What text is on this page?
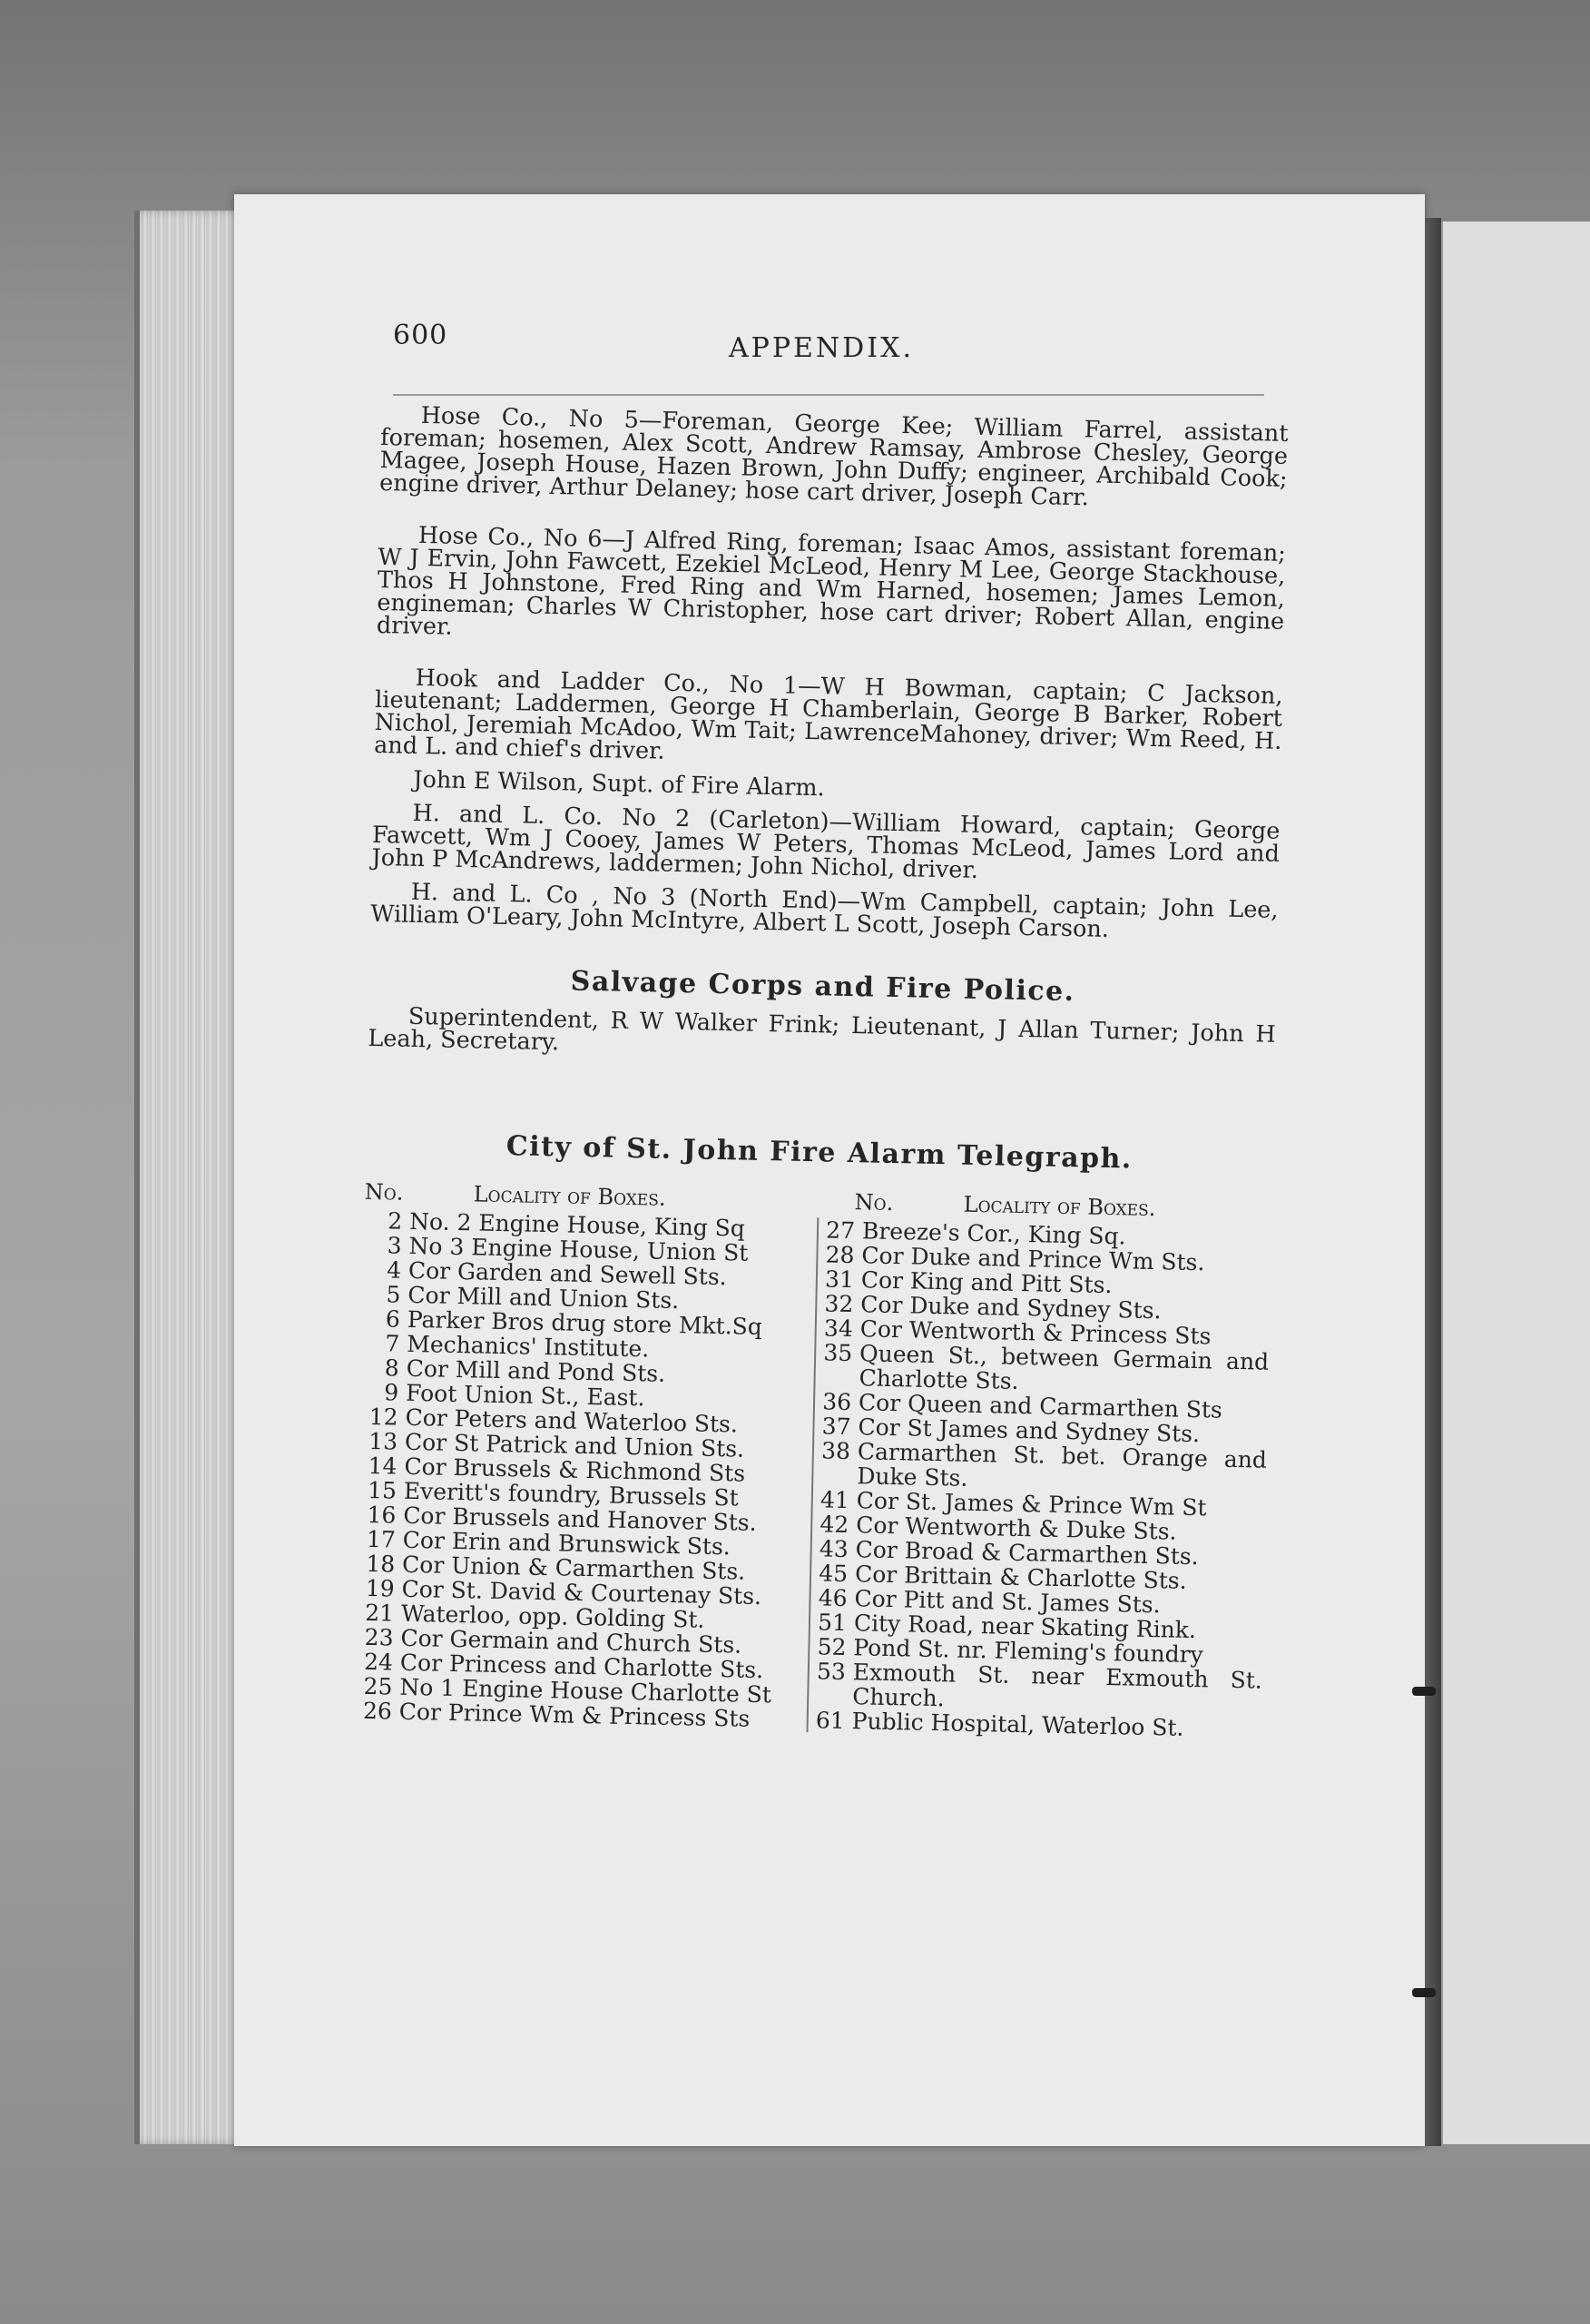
600	APPENDIX.

Hose Co., No 5—Foreman, George Kee; William Farrel, assistant foreman; hosemen, Alex Scott, Andrew Ramsay, Ambrose Chesley, George Magee, Joseph House, Hazen Brown, John Duffy; engineer, Archibald Cook; engine driver, Arthur Delaney; hose cart driver, Joseph Carr.

Hose Co., No 6—J Alfred Ring, foreman; Isaac Amos, assistant foreman; W J Ervin, John Fawcett, Ezekiel McLeod, Henry M Lee, George Stackhouse, Thos H Johnstone, Fred Ring and Wm Harned, hosemen; James Lemon, engineman; Charles W Christopher, hose cart driver; Robert Allan, engine driver.

Hook and Ladder Co., No 1—W H Bowman, captain; C Jackson, lieutenant; Laddermen, George H Chamberlain, George B Barker, Robert Nichol, Jeremiah McAdoo, Wm Tait; LawrenceMahoney, driver; Wm Reed, H. and L. and chief's driver.

John E Wilson, Supt. of Fire Alarm.

H. and L. Co. No 2 (Carleton)—William Howard, captain; George Fawcett, Wm J Cooey, James W Peters, Thomas McLeod, James Lord and John P McAndrews, laddermen; John Nichol, driver.

H. and L. Co , No 3 (North End)—Wm Campbell, captain; John Lee, William O'Leary, John McIntyre, Albert L Scott, Joseph Carson.

Salvage Corps and Fire Police.

Superintendent, R W Walker Frink; Lieutenant, J Allan Turner; John H Leah, Secretary.

City of St. John Fire Alarm Telegraph.
No.	Locality of Boxes.	No.	Locality of Boxes.
2 No. 2 Engine House, King Sq
3 No 3 Engine House, Union St
4 Cor Garden and Sewell Sts.
5 Cor Mill and Union Sts.
6 Parker Bros drug store Mkt.Sq
7 Mechanics' Institute.
8 Cor Mill and Pond Sts.
9 Foot Union St., East.
12 Cor Peters and Waterloo Sts.
13 Cor St Patrick and Union Sts.
14 Cor Brussels & Richmond Sts
15 Everitt's foundry, Brussels St
16 Cor Brussels and Hanover Sts.
17 Cor Erin and Brunswick Sts.
18 Cor Union & Carmarthen Sts.
19 Cor St. David & Courtenay Sts.
21 Waterloo, opp. Golding St.
23 Cor Germain and Church Sts.
24 Cor Princess and Charlotte Sts.
25 No 1 Engine House Charlotte St
26 Cor Prince Wm & Princess Sts
27 Breeze's Cor., King Sq.
28 Cor Duke and Prince Wm Sts.
31 Cor King and Pitt Sts.
32 Cor Duke and Sydney Sts.
34 Cor Wentworth & Princess Sts
35 Queen St., between Germain and Charlotte Sts.
36 Cor Queen and Carmarthen Sts
37 Cor St James and Sydney Sts.
38 Carmarthen St. bet. Orange and Duke Sts.
41 Cor St. James & Prince Wm St
42 Cor Wentworth & Duke Sts.
43 Cor Broad & Carmarthen Sts.
45 Cor Brittain & Charlotte Sts.
46 Cor Pitt and St. James Sts.
51 City Road, near Skating Rink.
52 Pond St. nr. Fleming's foundry
53 Exmouth St. near Exmouth St. Church.
61 Public Hospital, Waterloo St.
